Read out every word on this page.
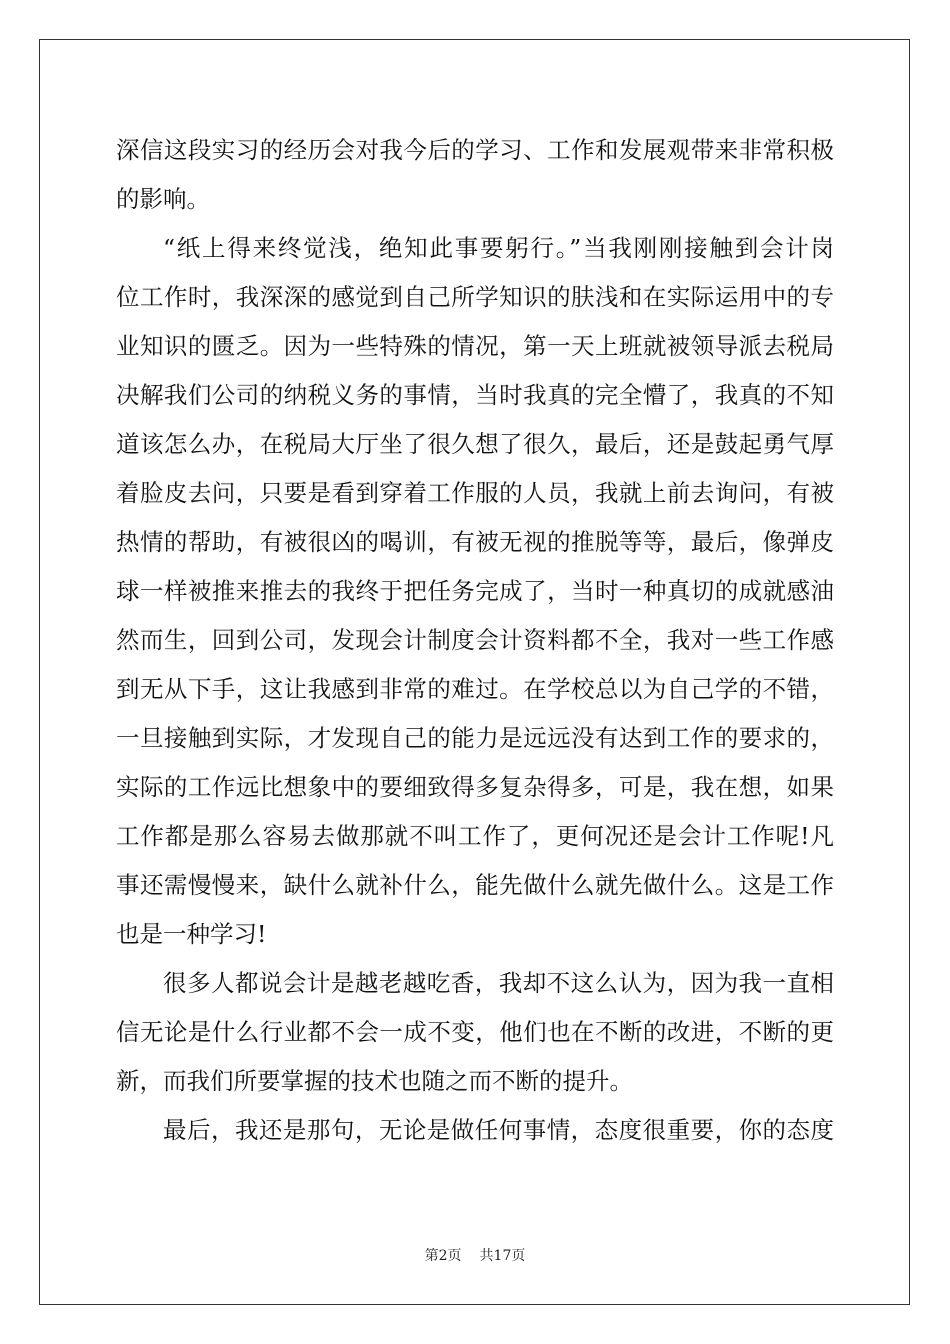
深信这段实习的经历会对我今后的学习、工作和发展观带来非常积极
的影响。
“纸上得来终觉浅，绝知此事要躬行。”当我刚刚接触到会计岗
位工作时，我深深的感觉到自己所学知识的肤浅和在实际运用中的专
业知识的匮乏。因为一些特殊的情况，第一天上班就被领导派去税局
决解我们公司的纳税义务的事情，当时我真的完全懵了，我真的不知
道该怎么办，在税局大厅坐了很久想了很久，最后，还是鼓起勇气厚
着脸皮去问，只要是看到穿着工作服的人员，我就上前去询问，有被
热情的帮助，有被很凶的喝训，有被无视的推脱等等，最后，像弹皮
球一样被推来推去的我终于把任务完成了，当时一种真切的成就感油
然而生，回到公司，发现会计制度会计资料都不全，我对一些工作感
到无从下手，这让我感到非常的难过。在学校总以为自己学的不错，
一旦接触到实际，才发现自己的能力是远远没有达到工作的要求的，
实际的工作远比想象中的要细致得多复杂得多，可是，我在想，如果
工作都是那么容易去做那就不叫工作了，更何况还是会计工作呢!凡
事还需慢慢来，缺什么就补什么，能先做什么就先做什么。这是工作
也是一种学习!
很多人都说会计是越老越吃香，我却不这么认为，因为我一直相
信无论是什么行业都不会一成不变，他们也在不断的改进，不断的更
新，而我们所要掌握的技术也随之而不断的提升。
最后，我还是那句，无论是做任何事情，态度很重要，你的态度
第2页 共17页
